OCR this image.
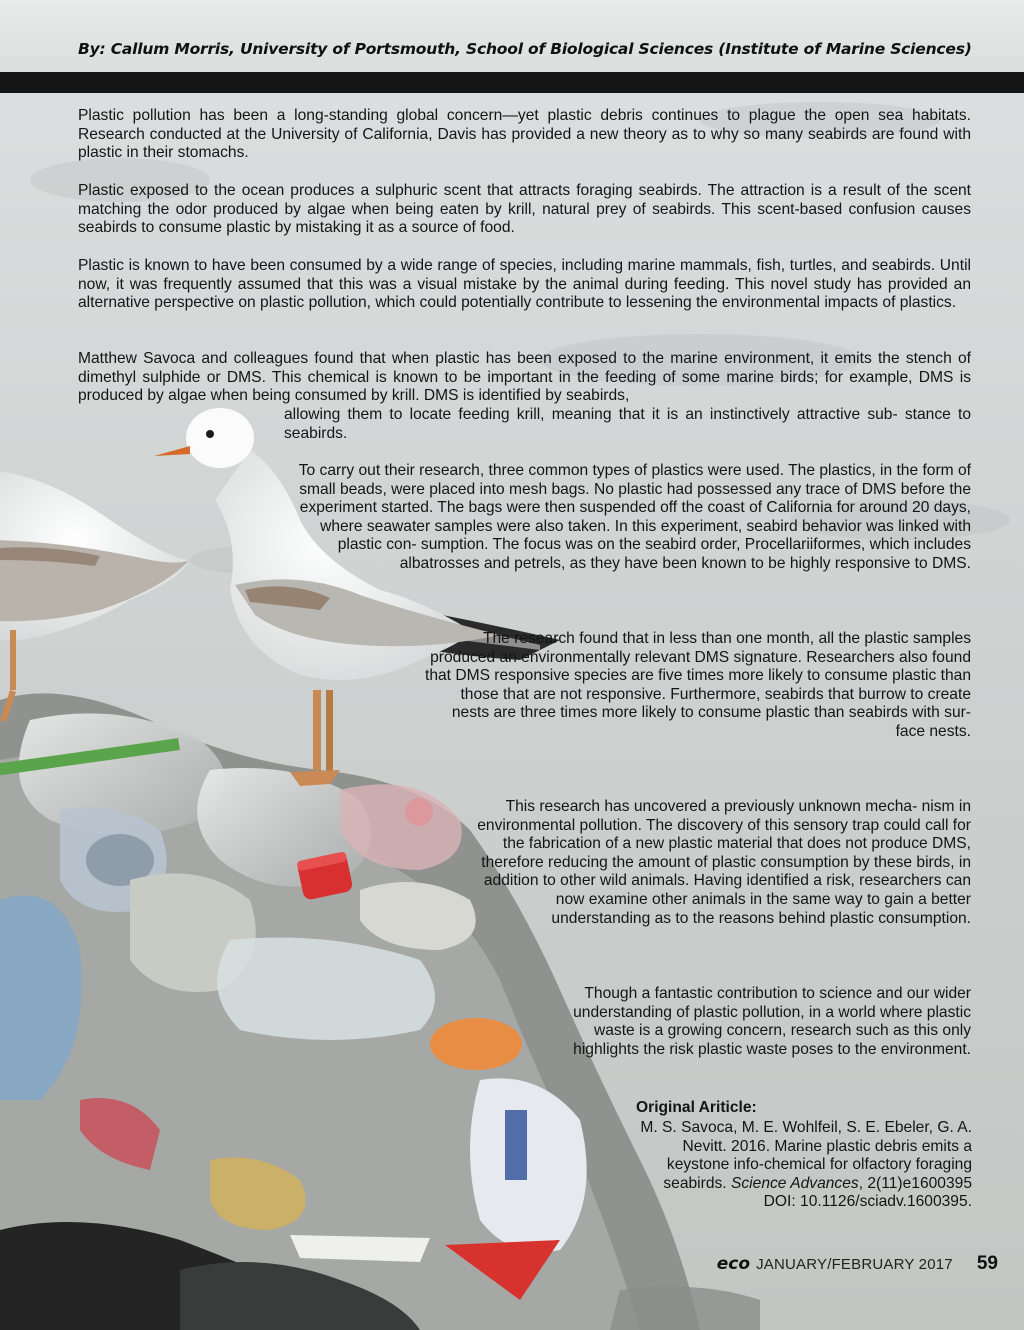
By: Callum Morris, University of Portsmouth, School of Biological Sciences (Institute of Marine Sciences)

Plastic pollution has been a long-standing global concern—yet plastic debris continues to plague the open sea habitats. Research conducted at the University of California, Davis has provided a new theory as to why so many seabirds are found with plastic in their stomachs.

Plastic exposed to the ocean produces a sulphuric scent that attracts foraging seabirds. The attraction is a result of the scent matching the odor produced by algae when being eaten by krill, natural prey of seabirds. This scent-based confusion causes seabirds to consume plastic by mistaking it as a source of food.

Plastic is known to have been consumed by a wide range of species, including marine mammals, fish, turtles, and seabirds. Until now, it was frequently assumed that this was a visual mistake by the animal during feeding. This novel study has provided an alternative perspective on plastic pollution, which could potentially contribute to lessening the environmental impacts of plastics.

Matthew Savoca and colleagues found that when plastic has been exposed to the marine environment, it emits the stench of dimethyl sulphide or DMS. This chemical is known to be important in the feeding of some marine birds; for example, DMS is produced by algae when being consumed by krill. DMS is identified by seabirds,

allowing them to locate feeding krill, meaning that it is an instinctively attractive sub- stance to seabirds.

To carry out their research, three common types of plastics were used. The plastics, in the form of small beads, were placed into mesh bags. No plastic had possessed any trace of DMS before the experiment started. The bags were then suspended off the coast of California for around 20 days, where seawater samples were also taken. In this experiment, seabird behavior was linked with plastic con- sumption. The focus was on the seabird order, Procellariiformes, which includes albatrosses and petrels, as they have been known to be highly responsive to DMS.

The research found that in less than one month, all the plastic samples produced an environmentally relevant DMS signature. Researchers also found that DMS responsive species are five times more likely to consume plastic than those that are not responsive. Furthermore, seabirds that burrow to create nests are three times more likely to consume plastic than seabirds with sur- face nests.

This research has uncovered a previously unknown mecha- nism in environmental pollution. The discovery of this sensory trap could call for the fabrication of a new plastic material that does not produce DMS, therefore reducing the amount of plastic consumption by these birds, in addition to other wild animals. Having identified a risk, researchers can now examine other animals in the same way to gain a better understanding as to the reasons behind plastic consumption.

Though a fantastic contribution to science and our wider understanding of plastic pollution, in a world where plastic waste is a growing concern, research such as this only highlights the risk plastic waste poses to the environment.

Original Ariticle:
M. S. Savoca, M. E. Wohlfeil, S. E. Ebeler, G. A. Nevitt. 2016. Marine plastic debris emits a keystone info-chemical for olfactory foraging seabirds. Science Advances, 2(11)e1600395 DOI: 10.1126/sciadv.1600395.
eco JANUARY/FEBRUARY 2017 59
